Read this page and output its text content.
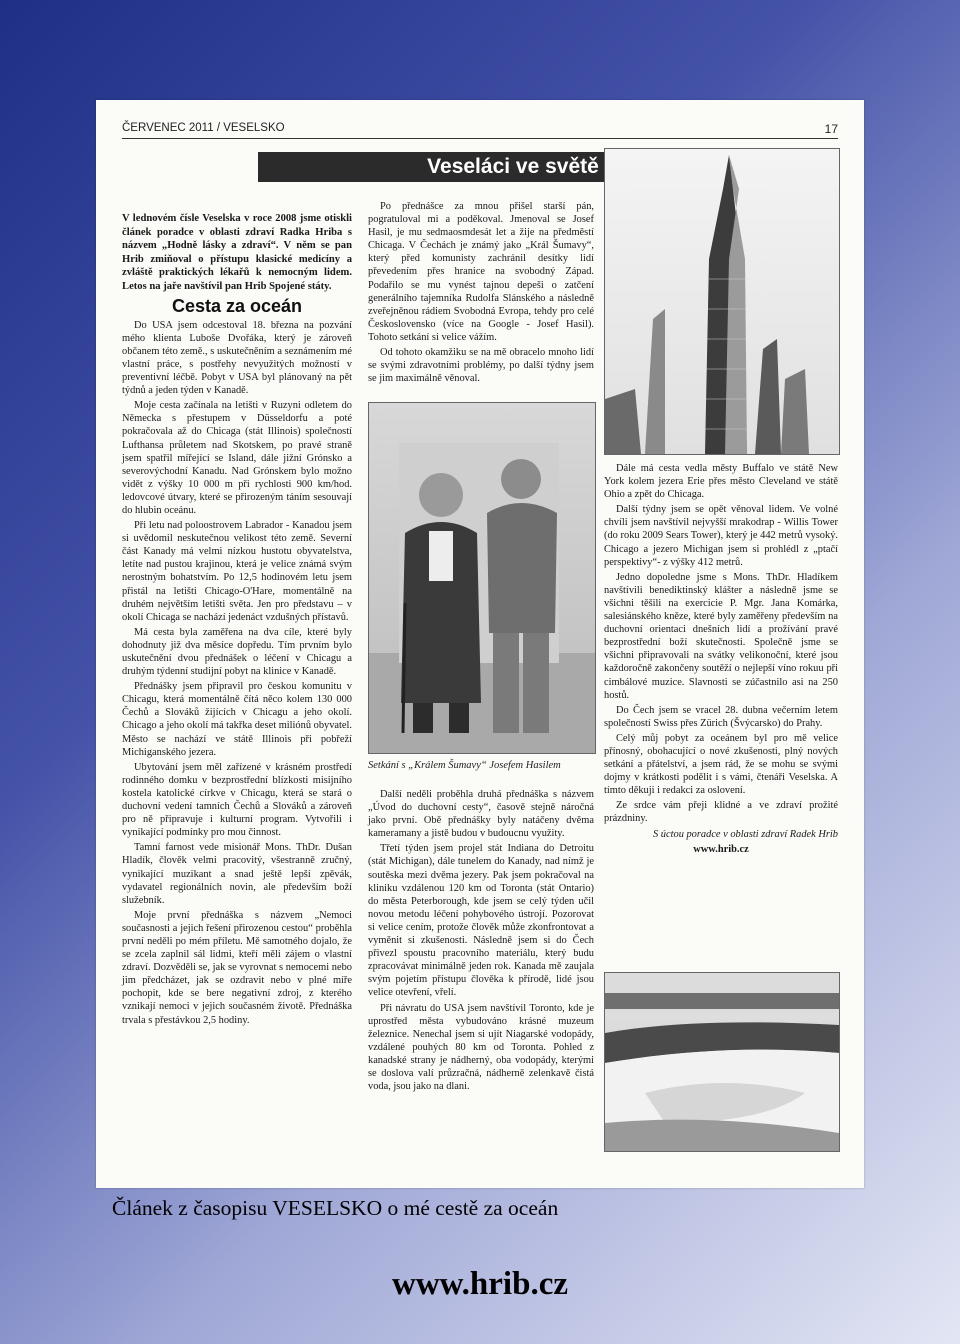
ČERVENEC 2011 / VESELSKO	17
Veseláci ve světě

V lednovém čísle Veselska v roce 2008 jsme otiskli článek poradce v oblasti zdraví Radka Hriba s názvem „Hodně lásky a zdraví“. V něm se pan Hrib zmiňoval o přístupu klasické medicíny a zvláště praktických lékařů k nemocným lidem. Letos na jaře navštívil pan Hrib Spojené státy.

Cesta za oceán

Do USA jsem odcestoval 18. března na pozvání mého klienta Luboše Dvořáka, který je zároveň občanem této země., s uskutečněním a seznámením mé vlastní práce, s postřehy nevyužitých možností v preventivní léčbě. Pobyt v USA byl plánovaný na pět týdnů a jeden týden v Kanadě.

Moje cesta začínala na letišti v Ruzyni odletem do Německa s přestupem v Düsseldorfu a poté pokračovala až do Chicaga (stát Illinois) společností Lufthansa průletem nad Skotskem, po pravé straně jsem spatřil mířející se Island, dále jižní Grónsko a severovýchodní Kanadu. Nad Grónskem bylo možno vidět z výšky 10 000 m při rychlosti 900 km/hod. ledovcové útvary, které se přirozeným táním sesouvají do hlubin oceánu.

Při letu nad poloostrovem Labrador - Kanadou jsem si uvědomil neskutečnou velikost této země. Severní část Kanady má velmi nízkou hustotu obyvatelstva, letíte nad pustou krajinou, která je velice známá svým nerostným bohatstvím. Po 12,5 hodinovém letu jsem přistál na letišti Chicago-O'Hare, momentálně na druhém největším letišti světa. Jen pro představu – v okolí Chicaga se nachází jedenáct vzdušných přístavů.

Má cesta byla zaměřena na dva cíle, které byly dohodnuty již dva měsíce dopředu. Tím prvním bylo uskutečnění dvou přednášek o léčení v Chicagu a druhým týdenní studijní pobyt na klinice v Kanadě.

Přednášky jsem připravil pro českou komunitu v Chicagu, která momentálně čítá něco kolem 130 000 Čechů a Slováků žijících v Chicagu a jeho okolí. Chicago a jeho okolí má takřka deset miliónů obyvatel. Město se nachází ve státě Illinois při pobřeží Michiganského jezera.

Ubytování jsem měl zařízené v krásném prostředí rodinného domku v bezprostřední blízkosti misijního kostela katolické církve v Chicagu, která se stará o duchovní vedení tamních Čechů a Slováků a zároveň pro ně připravuje i kulturní program. Vytvořili i vynikající podmínky pro mou činnost.

Tamní farnost vede misionář Mons. ThDr. Dušan Hladík, člověk velmi pracovitý, všestranně zručný, vynikající muzikant a snad ještě lepší zpěvák, vydavatel regionálních novin, ale především boží služebník.

Moje první přednáška s názvem „Nemoci současnosti a jejich řešení přirozenou cestou“ proběhla první neděli po mém příletu. Mě samotného dojalo, že se zcela zaplnil sál lidmi, kteří měli zájem o vlastní zdraví. Dozvěděli se, jak se vyrovnat s nemocemi nebo jim předcházet, jak se ozdravit nebo v plné míře pochopit, kde se bere negativní zdroj, z kterého vznikají nemoci v jejich současném životě. Přednáška trvala s přestávkou 2,5 hodiny.

Po přednášce za mnou přišel starší pán, pogratuloval mi a poděkoval. Jmenoval se Josef Hasil, je mu sedmaosmdesát let a žije na předměstí Chicaga. V Čechách je známý jako „Král Šumavy“, který před komunisty zachránil desítky lidí převedením přes hranice na svobodný Západ. Podařilo se mu vynést tajnou depeši o zatčení generálního tajemníka Rudolfa Slánského a následně zveřejněnou rádiem Svobodná Evropa, tehdy pro celé Československo (více na Google - Josef Hasil). Tohoto setkání si velice vážím.

Od tohoto okamžiku se na mě obracelo mnoho lidí se svými zdravotními problémy, po další týdny jsem se jim maximálně věnoval.

Setkání s „Králem Šumavy“ Josefem Hasilem

Další neděli proběhla druhá přednáška s názvem „Úvod do duchovní cesty“, časově stejně náročná jako první. Obě přednášky byly natáčeny dvěma kameramany a jistě budou v budoucnu využity.

Třetí týden jsem projel stát Indiana do Detroitu (stát Michigan), dále tunelem do Kanady, nad nímž je soutěska mezi dvěma jezery. Pak jsem pokračoval na kliniku vzdálenou 120 km od Toronta (stát Ontario) do města Peterborough, kde jsem se celý týden učil novou metodu léčení pohybového ústrojí. Pozorovat si velice cením, protože člověk může zkonfrontovat a vyměnit si zkušenosti. Následně jsem si do Čech přivezl spoustu pracovního materiálu, který budu zpracovávat minimálně jeden rok. Kanada mě zaujala svým pojetím přístupu člověka k přírodě, lidé jsou velice otevření, vřelí.

Při návratu do USA jsem navštívil Toronto, kde je uprostřed města vybudováno krásné muzeum železnice. Nenechal jsem si ujít Niagarské vodopády, vzdálené pouhých 80 km od Toronta. Pohled z kanadské strany je nádherný, oba vodopády, kterými se doslova valí průzračná, nádherně zelenkavě čistá voda, jsou jako na dlani.

Dále má cesta vedla městy Buffalo ve státě New York kolem jezera Erie přes město Cleveland ve státě Ohio a zpět do Chicaga.

Další týdny jsem se opět věnoval lidem. Ve volné chvíli jsem navštívil nejvyšší mrakodrap - Willis Tower (do roku 2009 Sears Tower), který je 442 metrů vysoký. Chicago a jezero Michigan jsem si prohlédl z „ptačí perspektivy“- z výšky 412 metrů.

Jedno dopoledne jsme s Mons. ThDr. Hladíkem navštívili benediktinský klášter a následně jsme se všichni těšili na exercicie P. Mgr. Jana Komárka, salesiánského kněze, které byly zaměřeny především na duchovní orientaci dnešních lidí a prožívání pravé bezprostřední boží skutečnosti. Společně jsme se všichni připravovali na svátky velikonoční, které jsou každoročně zakončeny soutěží o nejlepší víno rokuu při cimbálové muzice. Slavnosti se zúčastnilo asi na 250 hostů.

Do Čech jsem se vracel 28. dubna večerním letem společností Swiss přes Zürich (Švýcarsko) do Prahy.

Celý můj pobyt za oceánem byl pro mě velice přínosný, obohacující o nové zkušenosti, plný nových setkání a přátelství, a jsem rád, že se mohu se svými dojmy v krátkosti podělit i s vámi, čtenáři Veselska. A tímto děkuji i redakci za oslovení.

Ze srdce vám přeji klidné a ve zdraví prožité prázdniny.

S úctou poradce v oblasti zdraví Radek Hrib

www.hrib.cz

Článek z časopisu VESELSKO o mé cestě za oceán
www.hrib.cz
